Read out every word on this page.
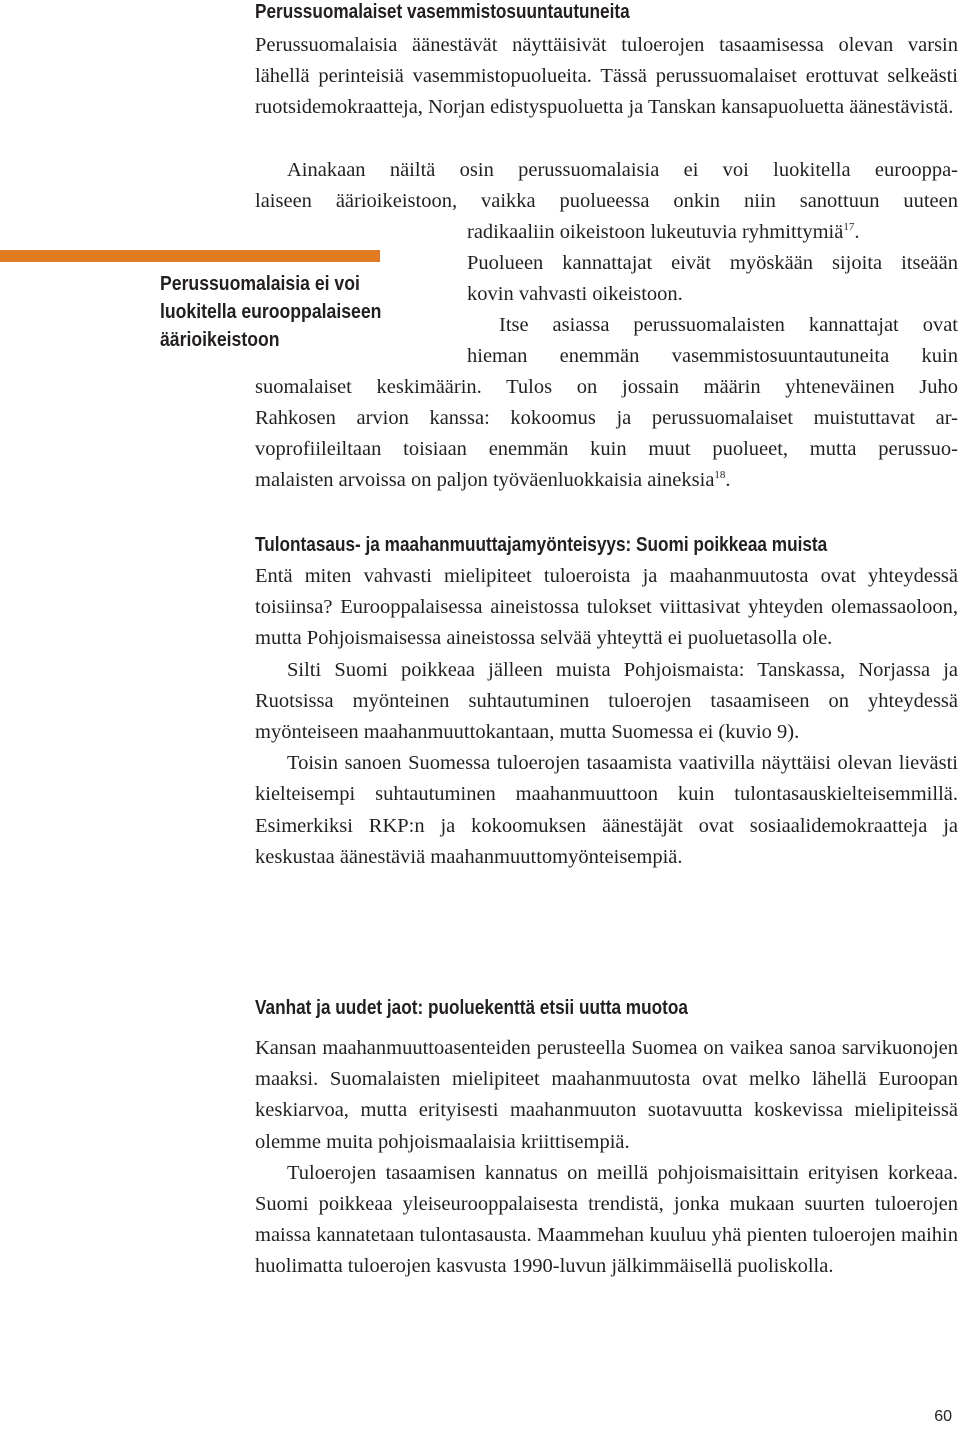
Perussuomalaiset vasemmistosuuntautuneita

Perussuomalaisia äänestävät näyttäisivät tuloerojen tasaamisessa olevan varsin lähellä perinteisiä vasemmistopuolueita. Tässä perussuomalaiset erottuvat selkeästi ruotsidemokraatteja, Norjan edistyspuoluetta ja Tanskan kansapuoluetta äänestävistä.

Ainakaan näiltä osin perussuomalaisia ei voi luokitella eurooppa-
laiseen äärioikeistoon, vaikka puolueessa onkin niin sanottuun uuteen
radikaaliin oikeistoon lukeutuvia ryhmittymiä$^{17}$.
Puolueen kannattajat eivät myöskään sijoita itseään
kovin vahvasti oikeistoon.
Itse asiassa perussuomalaisten kannattajat ovat
hieman enemmän vasemmistosuuntautuneita kuin
suomalaiset keskimäärin. Tulos on jossain määrin yhteneväinen Juho
Rahkosen arvion kanssa: kokoomus ja perussuomalaiset muistuttavat ar-
voprofiileiltaan toisiaan enemmän kuin muut puolueet, mutta perussuo-
malaisten arvoissa on paljon työväenluokkaisia aineksia$^{18}$.
Perussuomalaisia ei voi
luokitella eurooppalaiseen
äärioikeistoon
Tulontasaus- ja maahanmuuttajamyönteisyys: Suomi poikkeaa muista

Entä miten vahvasti mielipiteet tuloeroista ja maahanmuutosta ovat yhteydessä toisiinsa? Eurooppalaisessa aineistossa tulokset viittasivat yhteyden olemassaoloon, mutta Pohjoismaisessa aineistossa selvää yhteyttä ei puoluetasolla ole.

Silti Suomi poikkeaa jälleen muista Pohjoismaista: Tanskassa, Norjassa ja Ruotsissa myönteinen suhtautuminen tuloerojen tasaamiseen on yhteydessä myönteiseen maahanmuuttokantaan, mutta Suomessa ei (kuvio 9).

Toisin sanoen Suomessa tuloerojen tasaamista vaativilla näyttäisi olevan lievästi kielteisempi suhtautuminen maahanmuuttoon kuin tulontasauskielteisemmillä. Esimerkiksi RKP:n ja kokoomuksen äänestäjät ovat sosiaalidemokraatteja ja keskustaa äänestäviä maahanmuuttomyönteisempiä.

Vanhat ja uudet jaot: puoluekenttä etsii uutta muotoa

Kansan maahanmuuttoasenteiden perusteella Suomea on vaikea sanoa sarvikuonojen maaksi. Suomalaisten mielipiteet maahanmuutosta ovat melko lähellä Euroopan keskiarvoa, mutta erityisesti maahanmuuton suotavuutta koskevissa mielipiteissä olemme muita pohjoismaalaisia kriittisempiä.

Tuloerojen tasaamisen kannatus on meillä pohjoismaisittain erityisen korkeaa. Suomi poikkeaa yleiseurooppalaisesta trendistä, jonka mukaan suurten tuloerojen maissa kannatetaan tulontasausta. Maammehan kuuluu yhä pienten tuloerojen maihin huolimatta tuloerojen kasvusta 1990-luvun jälkimmäisellä puoliskolla.

60
